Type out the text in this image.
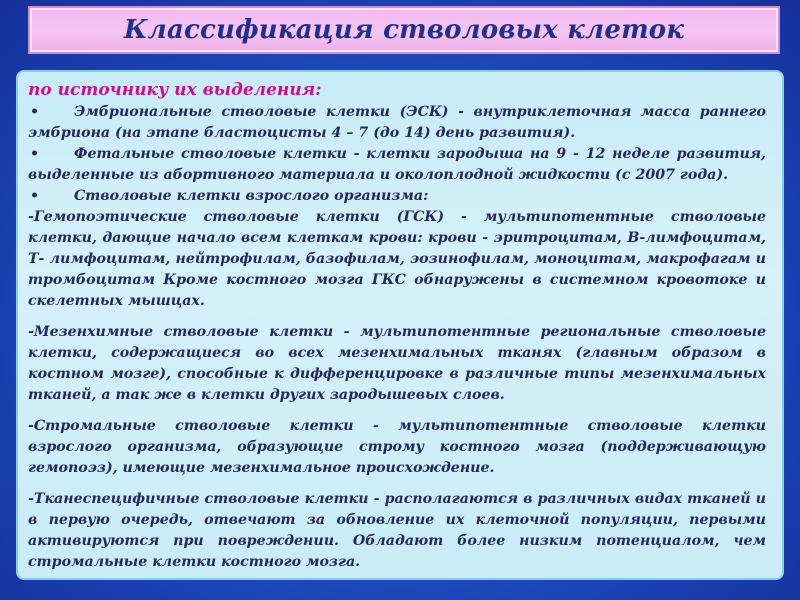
Классификация стволовых клеток

по источнику их выделения:

• Эмбриональные стволовые клетки (ЭСК) - внутриклеточная масса раннего эмбриона (на этапе бластоцисты 4 – 7 (до 14) день развития).

• Фетальные стволовые клетки - клетки зародыша на 9 - 12 неделе развития, выделенные из абортивного материала и околоплодной жидкости (с 2007 года).

• Стволовые клетки взрослого организма:

-Гемопоэтические стволовые клетки (ГСК) - мультипотентные стволовые клетки, дающие начало всем клеткам крови: крови - эритроцитам, В-лимфоцитам, Т- лимфоцитам, нейтрофилам, базофилам, эозинофилам, моноцитам, макрофагам и тромбоцитам Кроме костного мозга ГКС обнаружены в системном кровотоке и скелетных мышцах.

-Мезенхимные стволовые клетки - мультипотентные региональные стволовые клетки, содержащиеся во всех мезенхимальных тканях (главным образом в костном мозге), способные к дифференцировке в различные типы мезенхимальных тканей, а так же в клетки других зародышевых слоев.

-Стромальные стволовые клетки - мультипотентные стволовые клетки взрослого организма, образующие строму костного мозга (поддерживающую гемопоэз), имеющие мезенхимальное происхождение.

-Тканеспецифичные стволовые клетки - располагаются в различных видах тканей и в первую очередь, отвечают за обновление их клеточной популяции, первыми активируются при повреждении. Обладают более низким потенциалом, чем стромальные клетки костного мозга.
